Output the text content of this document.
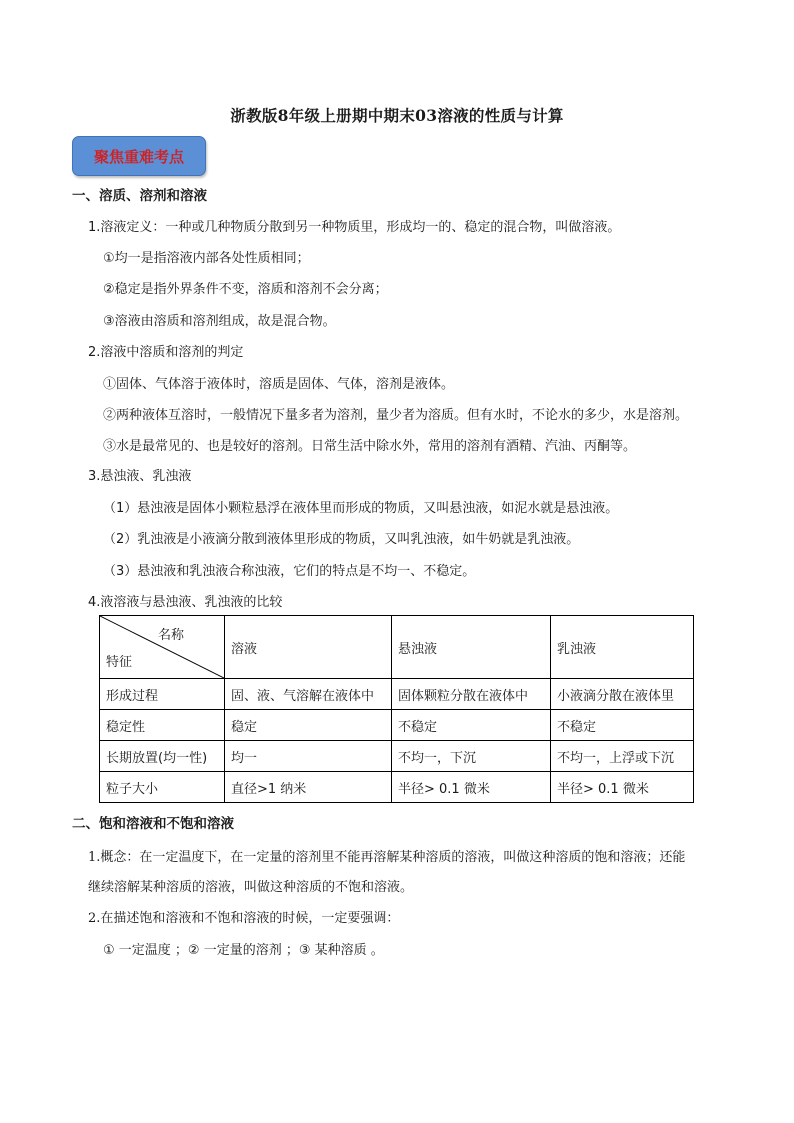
浙教版8年级上册期中期末03溶液的性质与计算
聚焦重难考点
一、溶质、溶剂和溶液
1.溶液定义：一种或几种物质分散到另一种物质里，形成均一的、稳定的混合物，叫做溶液。
①均一是指溶液内部各处性质相同；
②稳定是指外界条件不变，溶质和溶剂不会分离；
③溶液由溶质和溶剂组成，故是混合物。
2.溶液中溶质和溶剂的判定
①固体、气体溶于液体时，溶质是固体、气体，溶剂是液体。
②两种液体互溶时，一般情况下量多者为溶剂，量少者为溶质。但有水时，不论水的多少，水是溶剂。
③水是最常见的、也是较好的溶剂。日常生活中除水外，常用的溶剂有酒精、汽油、丙酮等。
3.悬浊液、乳浊液
（1）悬浊液是固体小颗粒悬浮在液体里而形成的物质，又叫悬浊液，如泥水就是悬浊液。
（2）乳浊液是小液滴分散到液体里形成的物质，又叫乳浊液，如牛奶就是乳浊液。
（3）悬浊液和乳浊液合称浊液，它们的特点是不均一、不稳定。
4.液溶液与悬浊液、乳浊液的比较
名称
特征	溶液	悬浊液	乳浊液
形成过程	固、液、气溶解在液体中	固体颗粒分散在液体中	小液滴分散在液体里
稳定性	稳定	不稳定	不稳定
长期放置(均一性)	均一	不均一，下沉	不均一，上浮或下沉
粒子大小	直径>1 纳米	半径> 0.1 微米	半径> 0.1 微米
二、饱和溶液和不饱和溶液
1.概念：在一定温度下，在一定量的溶剂里不能再溶解某种溶质的溶液，叫做这种溶质的饱和溶液；还能
继续溶解某种溶质的溶液，叫做这种溶质的不饱和溶液。
2.在描述饱和溶液和不饱和溶液的时候，一定要强调：
① 一定温度 ；② 一定量的溶剂 ；③ 某种溶质 。
